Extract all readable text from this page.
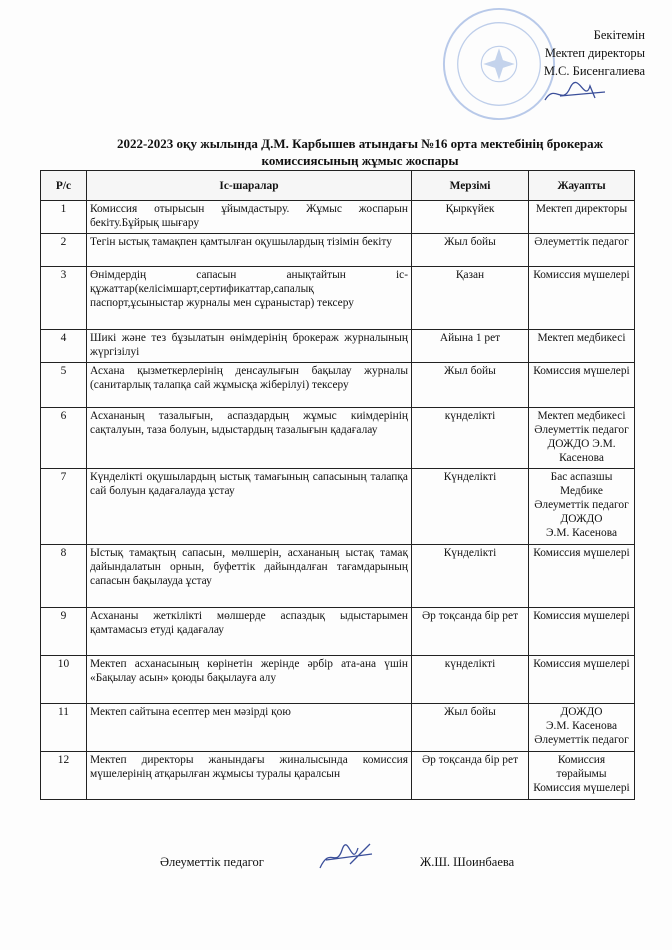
Бекітемін
Мектеп директоры
М.С. Бисенгалиева
2022-2023 оқу жылында Д.М. Карбышев атындағы №16 орта мектебінің брокераж
комиссиясының жұмыс жоспары
Р/с	Іс-шаралар	Мерзімі	Жауапты
1	Комиссия отырысын ұйымдастыру. Жұмыс жоспарын бекіту.Бұйрық шығару	Қыркүйек	Мектеп директоры

2	Тегін ыстық тамақпен қамтылған оқушылардың тізімін бекіту	Жыл бойы	Әлеуметтік педагог

3	Өнімдердің сапасын анықтайтын іс-құжаттар(келісімшарт,сертификаттар,сапалық паспорт,ұсыныстар журналы мен сұраныстар) тексеру	Қазан	Комиссия мүшелері

4	Шикі және тез бұзылатын өнімдерінің брокераж журналының жүргізілуі	Айына 1 рет	Мектеп медбикесі

5	Асхана қызметкерлерінің денсаулығын бақылау журналы (санитарлық талапқа сай жұмысқа жіберілуі) тексеру	Жыл бойы	Комиссия мүшелері

6	Асхананың тазалығын, аспаздардың жұмыс киімдерінің сақталуын, таза болуын, ыдыстардың тазалығын қадағалау	күнделікті	Мектеп медбикесі
Әлеуметтік педагог
ДОЖДО Э.М.
Касенова

7	Күнделікті оқушылардың ыстық тамағының сапасының талапқа сай болуын қадағалауда ұстау	Күнделікті	Бас аспазшы
Медбике
Әлеуметтік педагог
ДОЖДО
Э.М. Касенова

8	Ыстық тамақтың сапасын, мөлшерін, асхананың ыстақ тамақ дайындалатын орнын, буфеттік дайындалған тағамдарының сапасын бақылауда ұстау	Күнделікті	Комиссия мүшелері

9	Асхананы жеткілікті мөлшерде аспаздық ыдыстарымен қамтамасыз етуді қадағалау	Әр тоқсанда бір рет	Комиссия мүшелері

10	Мектеп асханасының көрінетін жерінде әрбір ата-ана үшін «Бақылау асын» қоюды бақылауға алу	күнделікті	Комиссия мүшелері

11	Мектеп сайтына есептер мен мәзірді қою	Жыл бойы	ДОЖДО
Э.М. Касенова
Әлеуметтік педагог

12	Мектеп директоры жанындағы жиналысында комиссия мүшелерінің атқарылған жұмысы туралы қаралсын	Әр тоқсанда бір рет	Комиссия төрайымы
Комиссия мүшелері
Әлеуметтік педагог	Ж.Ш. Шоинбаева
